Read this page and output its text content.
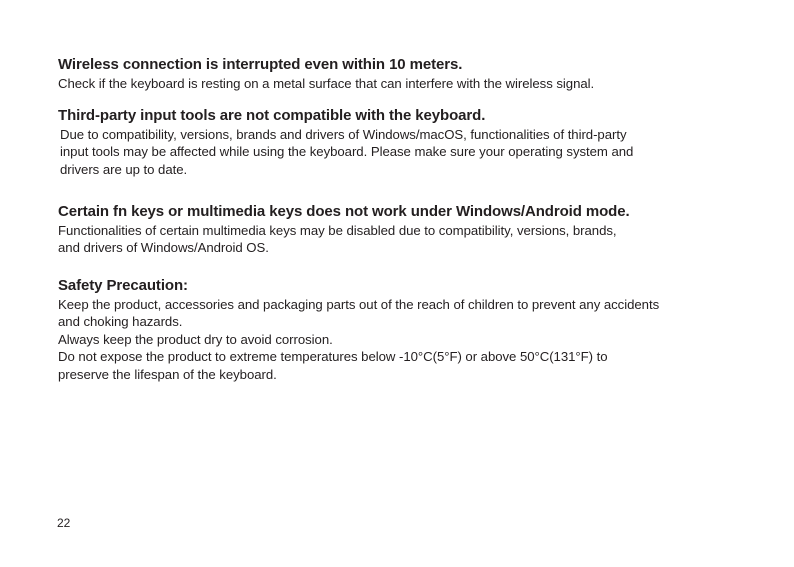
Wireless connection is interrupted even within 10 meters.

Check if the keyboard is resting on a metal surface that can interfere with the wireless signal.

Third-party input tools are not compatible with the keyboard.

Due to compatibility, versions, brands and drivers of Windows/macOS, functionalities of third-party
input tools may be affected while using the keyboard. Please make sure your operating system and
drivers are up to date.

Certain fn keys or multimedia keys does not work under Windows/Android mode.

Functionalities of certain multimedia keys may be disabled due to compatibility, versions, brands,
and drivers of Windows/Android OS.

Safety Precaution:

Keep the product, accessories and packaging parts out of the reach of children to prevent any accidents
and choking hazards.
Always keep the product dry to avoid corrosion.
Do not expose the product to extreme temperatures below -10°C(5°F) or above 50°C(131°F) to
preserve the lifespan of the keyboard.

22
